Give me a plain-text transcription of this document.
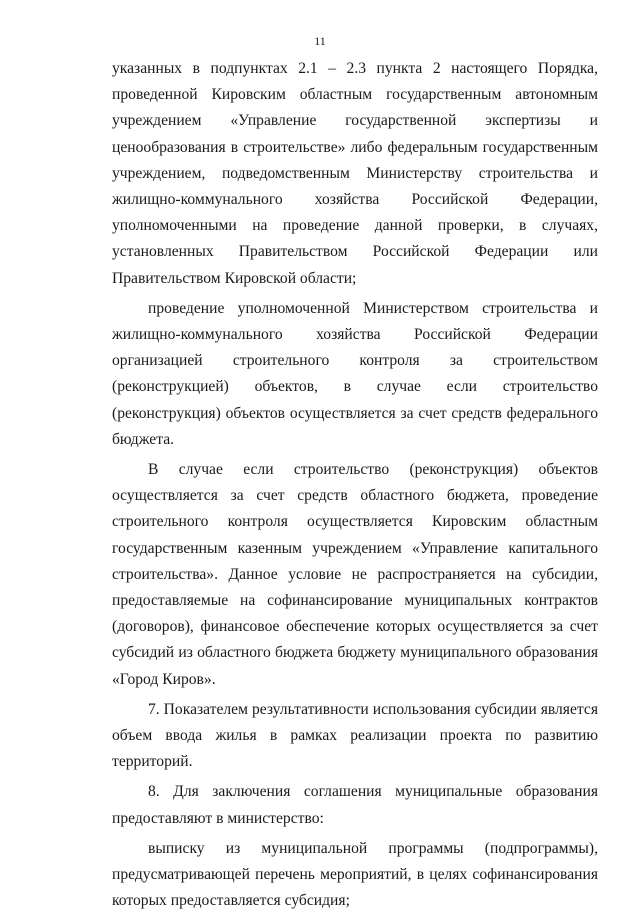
11

указанных в подпунктах 2.1 – 2.3 пункта 2 настоящего Порядка, проведенной Кировским областным государственным автономным учреждением «Управление государственной экспертизы и ценообразования в строительстве» либо федеральным государственным учреждением, подведомственным Министерству строительства и жилищно-коммунального хозяйства Российской Федерации, уполномоченными на проведение данной проверки, в случаях, установленных Правительством Российской Федерации или Правительством Кировской области;

проведение уполномоченной Министерством строительства и жилищно-коммунального хозяйства Российской Федерации организацией строительного контроля за строительством (реконструкцией) объектов, в случае если строительство (реконструкция) объектов осуществляется за счет средств федерального бюджета.

В случае если строительство (реконструкция) объектов осуществляется за счет средств областного бюджета, проведение строительного контроля осуществляется Кировским областным государственным казенным учреждением «Управление капитального строительства». Данное условие не распространяется на субсидии, предоставляемые на софинансирование муниципальных контрактов (договоров), финансовое обеспечение которых осуществляется за счет субсидий из областного бюджета бюджету муниципального образования «Город Киров».

7. Показателем результативности использования субсидии является объем ввода жилья в рамках реализации проекта по развитию территорий.

8. Для заключения соглашения муниципальные образования предоставляют в министерство:

выписку из муниципальной программы (подпрограммы), предусматривающей перечень мероприятий, в целях софинансирования которых предоставляется субсидия;
